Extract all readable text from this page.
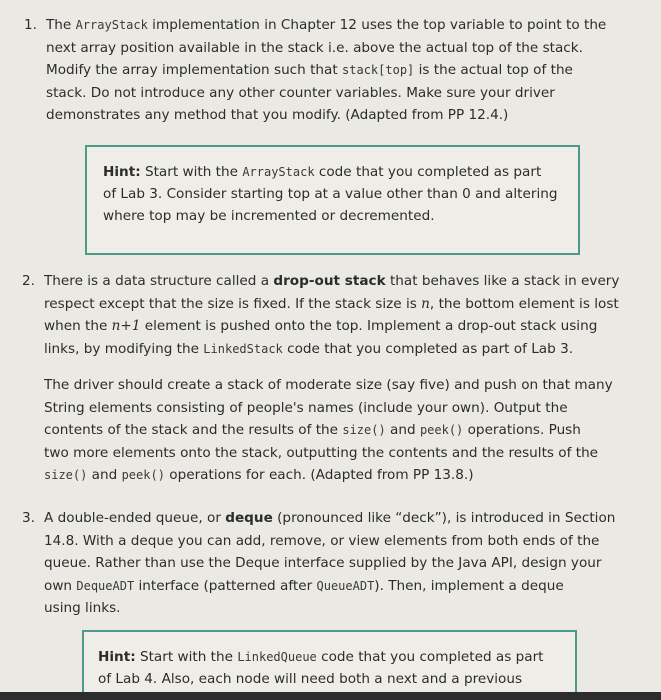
1. The ArrayStack implementation in Chapter 12 uses the top variable to point to the
next array position available in the stack i.e. above the actual top of the stack.
Modify the array implementation such that stack[top] is the actual top of the
stack. Do not introduce any other counter variables. Make sure your driver
demonstrates any method that you modify. (Adapted from PP 12.4.)
Hint: Start with the ArrayStack code that you completed as part
of Lab 3. Consider starting top at a value other than 0 and altering
where top may be incremented or decremented.
2. There is a data structure called a drop-out stack that behaves like a stack in every
respect except that the size is fixed. If the stack size is n, the bottom element is lost
when the n+1 element is pushed onto the top. Implement a drop-out stack using
links, by modifying the LinkedStack code that you completed as part of Lab 3.
The driver should create a stack of moderate size (say five) and push on that many
String elements consisting of people's names (include your own). Output the
contents of the stack and the results of the size() and peek() operations. Push
two more elements onto the stack, outputting the contents and the results of the
size() and peek() operations for each. (Adapted from PP 13.8.)
3. A double-ended queue, or deque (pronounced like “deck”), is introduced in Section
14.8. With a deque you can add, remove, or view elements from both ends of the
queue. Rather than use the Deque interface supplied by the Java API, design your
own DequeADT interface (patterned after QueueADT). Then, implement a deque
using links.
Hint: Start with the LinkedQueue code that you completed as part
of Lab 4. Also, each node will need both a next and a previous
